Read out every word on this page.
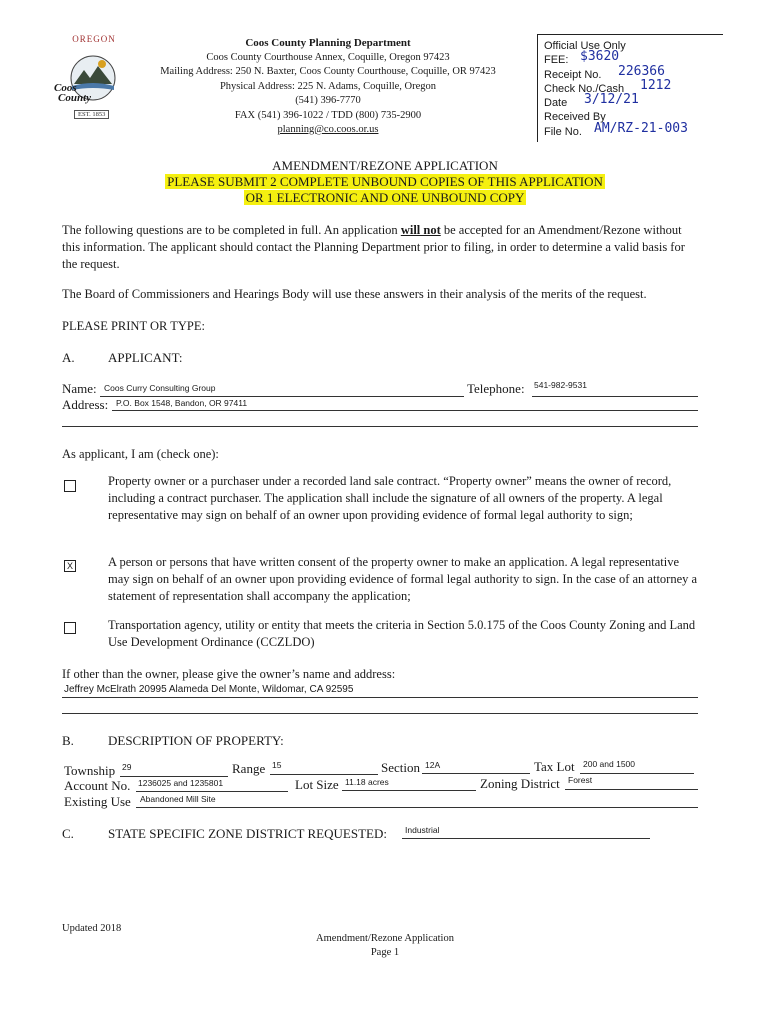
OREGON
Coos
County
EST. 1853
Coos County Planning Department
Coos County Courthouse Annex, Coquille, Oregon 97423
Mailing Address: 250 N. Baxter, Coos County Courthouse, Coquille, OR 97423
Physical Address: 225 N. Adams, Coquille, Oregon
(541) 396-7770
FAX (541) 396-1022 / TDD (800) 735-2900
planning@co.coos.or.us
Official Use Only
FEE: $3620
Receipt No. 226366
Check No./Cash 1212
Date 3/12/21
Received By
File No. AM/RZ-21-003
AMENDMENT/REZONE APPLICATION
PLEASE SUBMIT 2 COMPLETE UNBOUND COPIES OF THIS APPLICATION
OR 1 ELECTRONIC AND ONE UNBOUND COPY
The following questions are to be completed in full. An application will not be accepted for an Amendment/Rezone without this information. The applicant should contact the Planning Department prior to filing, in order to determine a valid basis for the request.
The Board of Commissioners and Hearings Body will use these answers in their analysis of the merits of the request.
PLEASE PRINT OR TYPE:
A.	APPLICANT:
Name: Coos Curry Consulting Group	Telephone: 541-982-9531
Address: P.O. Box 1548, Bandon, OR 97411
As applicant, I am (check one):
Property owner or a purchaser under a recorded land sale contract. “Property owner” means the owner of record, including a contract purchaser. The application shall include the signature of all owners of the property. A legal representative may sign on behalf of an owner upon providing evidence of formal legal authority to sign;
X	A person or persons that have written consent of the property owner to make an application. A legal representative may sign on behalf of an owner upon providing evidence of formal legal authority to sign. In the case of an attorney a statement of representation shall accompany the application;
Transportation agency, utility or entity that meets the criteria in Section 5.0.175 of the Coos County Zoning and Land Use Development Ordinance (CCZLDO)
If other than the owner, please give the owner’s name and address:
Jeffrey McElrath 20995 Alameda Del Monte, Wildomar, CA 92595
B.	DESCRIPTION OF PROPERTY:
Township 29	Range 15	Section 12A	Tax Lot 200 and 1500
Account No. 1236025 and 1235801	Lot Size 11.18 acres	Zoning District Forest
Existing Use Abandoned Mill Site
C.	STATE SPECIFIC ZONE DISTRICT REQUESTED: Industrial
Updated 2018
Amendment/Rezone Application
Page 1
